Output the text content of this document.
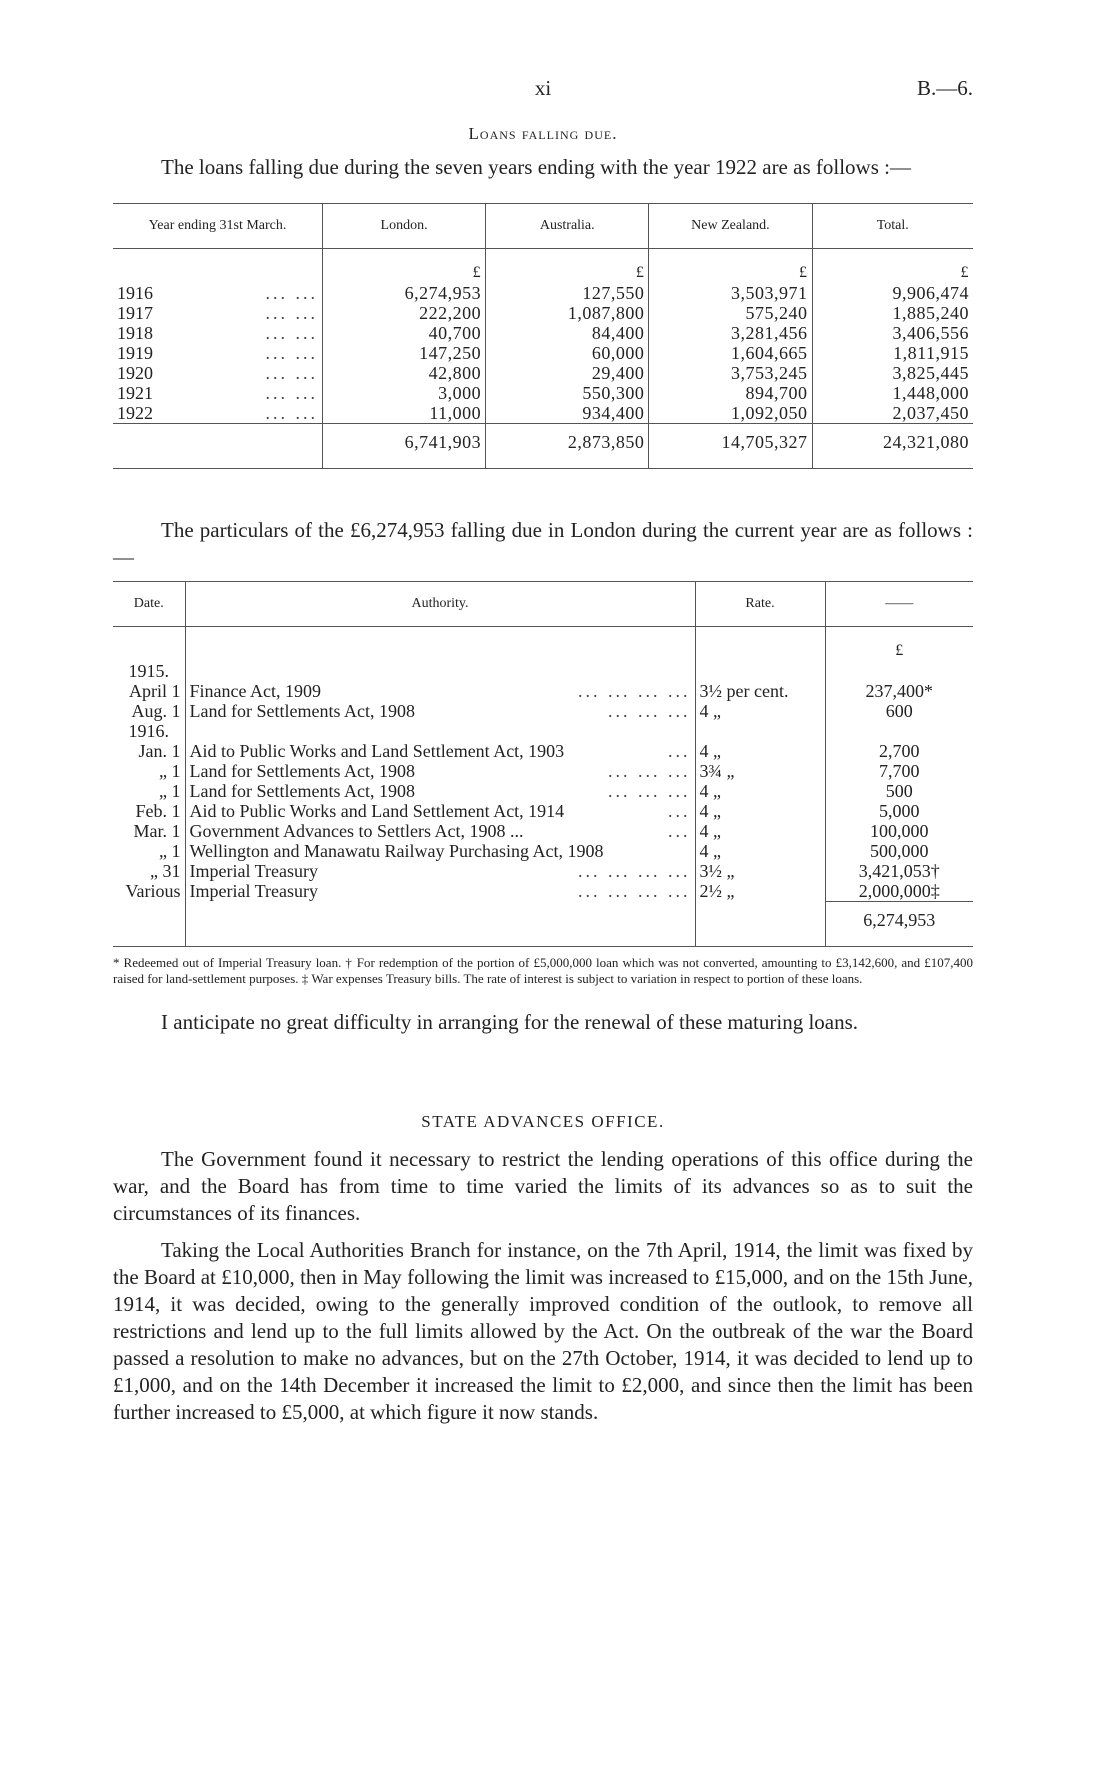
xi	B.—6.
Loans falling due.

The loans falling due during the seven years ending with the year 1922 are as follows :—

Year ending 31st March.	London.	Australia.	New Zealand.	Total.
	£	£	£	£
1916 ... ...	6,274,953	127,550	3,503,971	9,906,474
1917 ... ...	222,200	1,087,800	575,240	1,885,240
1918 ... ...	40,700	84,400	3,281,456	3,406,556
1919 ... ...	147,250	60,000	1,604,665	1,811,915
1920 ... ...	42,800	29,400	3,753,245	3,825,445
1921 ... ...	3,000	550,300	894,700	1,448,000
1922 ... ...	11,000	934,400	1,092,050	2,037,450
	6,741,903	2,873,850	14,705,327	24,321,080

The particulars of the £6,274,953 falling due in London during the current year are as follows :—

Date.	Authority.	Rate.	——
			£
1915.			
April 1	Finance Act, 1909 ... ... ... ...	3½ per cent.	237,400*
Aug. 1	Land for Settlements Act, 1908 ... ... ...	4 „	600
1916.			
Jan. 1	Aid to Public Works and Land Settlement Act, 1903 ...	4 „	2,700
„ 1	Land for Settlements Act, 1908 ... ... ...	3¾ „	7,700
„ 1	Land for Settlements Act, 1908 ... ... ...	4 „	500
Feb. 1	Aid to Public Works and Land Settlement Act, 1914 ...	4 „	5,000
Mar. 1	Government Advances to Settlers Act, 1908 ... ...	4 „	100,000
„ 1	Wellington and Manawatu Railway Purchasing Act, 1908	4 „	500,000
„ 31	Imperial Treasury ... ... ... ...	3½ „	3,421,053†
Various	Imperial Treasury ... ... ... ...	2½ „	2,000,000‡
			6,274,953
* Redeemed out of Imperial Treasury loan. † For redemption of the portion of £5,000,000 loan which was not converted, amounting to £3,142,600, and £107,400 raised for land-settlement purposes. ‡ War expenses Treasury bills. The rate of interest is subject to variation in respect to portion of these loans.

I anticipate no great difficulty in arranging for the renewal of these maturing loans.

STATE ADVANCES OFFICE.

The Government found it necessary to restrict the lending operations of this office during the war, and the Board has from time to time varied the limits of its advances so as to suit the circumstances of its finances.

Taking the Local Authorities Branch for instance, on the 7th April, 1914, the limit was fixed by the Board at £10,000, then in May following the limit was increased to £15,000, and on the 15th June, 1914, it was decided, owing to the generally improved condition of the outlook, to remove all restrictions and lend up to the full limits allowed by the Act. On the outbreak of the war the Board passed a resolution to make no advances, but on the 27th October, 1914, it was decided to lend up to £1,000, and on the 14th December it increased the limit to £2,000, and since then the limit has been further increased to £5,000, at which figure it now stands.
